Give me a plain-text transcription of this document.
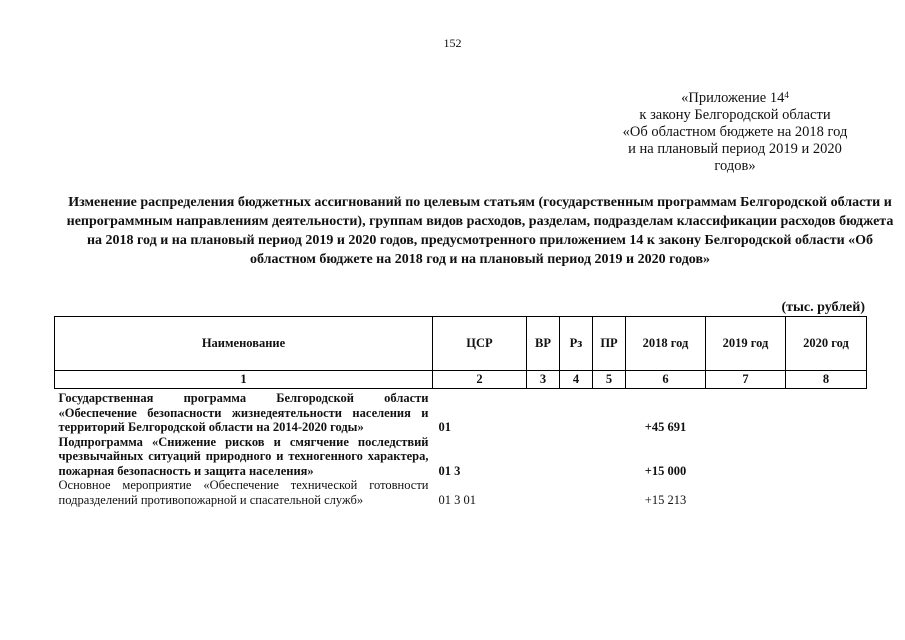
152
«Приложение $14^4$
к закону Белгородской области
«Об областном бюджете на 2018 год
и на плановый период 2019 и 2020
годов»
Изменение распределения бюджетных ассигнований по целевым статьям (государственным программам Белгородской области и непрограммным направлениям деятельности), группам видов расходов, разделам, подразделам классификации расходов бюджета на 2018 год и на плановый период 2019 и 2020 годов, предусмотренного приложением 14 к закону Белгородской области «Об областном бюджете на 2018 год и на плановый период 2019 и 2020 годов»
(тыс. рублей)
Наименование	ЦСР	ВР	Рз	ПР	2018 год	2019 год	2020 год
1	2	3	4	5	6	7	8
Государственная программа Белгородской области «Обеспечение безопасности жизнедеятельности населения и территорий Белгородской области на 2014-2020 годы»	01				+45 691		
Подпрограмма «Снижение рисков и смягчение последствий чрезвычайных ситуаций природного и техногенного характера, пожарная безопасность и защита населения»	01 3				+15 000		
Основное мероприятие «Обеспечение технической готовности подразделений противопожарной и спасательной служб»	01 3 01				+15 213		
